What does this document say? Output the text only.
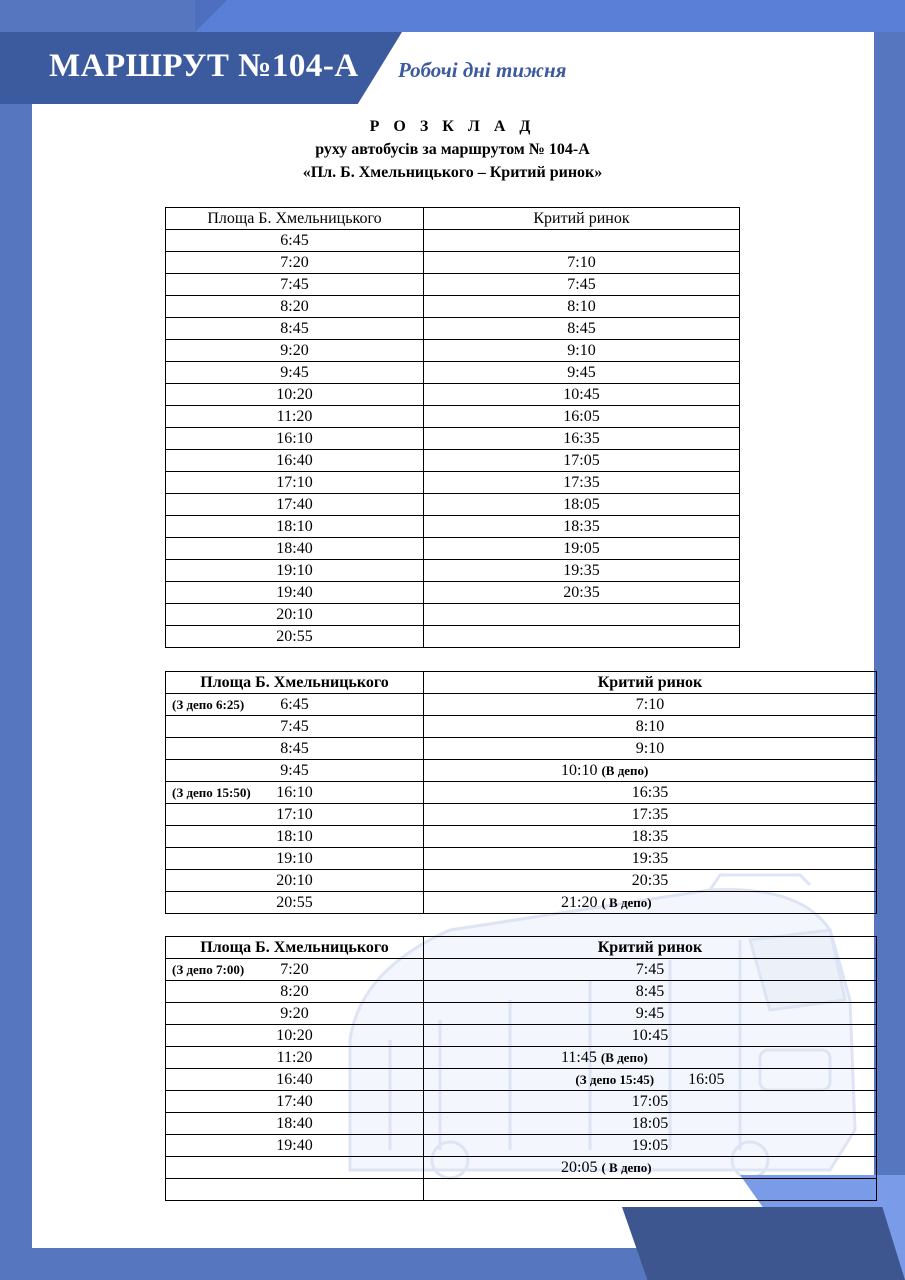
МАРШРУТ №104-А Робочі дні тижня
Р О З К Л А Д
руху автобусів за маршрутом № 104-А
«Пл. Б. Хмельницького – Критий ринок»
Площа Б. Хмельницького	Критий ринок
6:45	
7:20	7:10
7:45	7:45
8:20	8:10
8:45	8:45
9:20	9:10
9:45	9:45
10:20	10:45
11:20	16:05
16:10	16:35
16:40	17:05
17:10	17:35
17:40	18:05
18:10	18:35
18:40	19:05
19:10	19:35
19:40	20:35
20:10	
20:55	
Площа Б. Хмельницького	Критий ринок

(З депо 6:25) 6:45	7:10
7:45	8:10
8:45	9:10
9:45	10:10 (В депо)

(З депо 15:50) 16:10	16:35
17:10	17:35
18:10	18:35
19:10	19:35
20:10	20:35
20:55	21:20 ( В депо)
Площа Б. Хмельницького	Критий ринок

(З депо 7:00) 7:20	7:45
8:20	8:45
9:20	9:45
10:20	10:45
11:20	11:45 (В депо)
16:40	(З депо 15:45) 16:05
17:40	17:05
18:40	18:05
19:40	19:05
	20:05 ( В депо)
